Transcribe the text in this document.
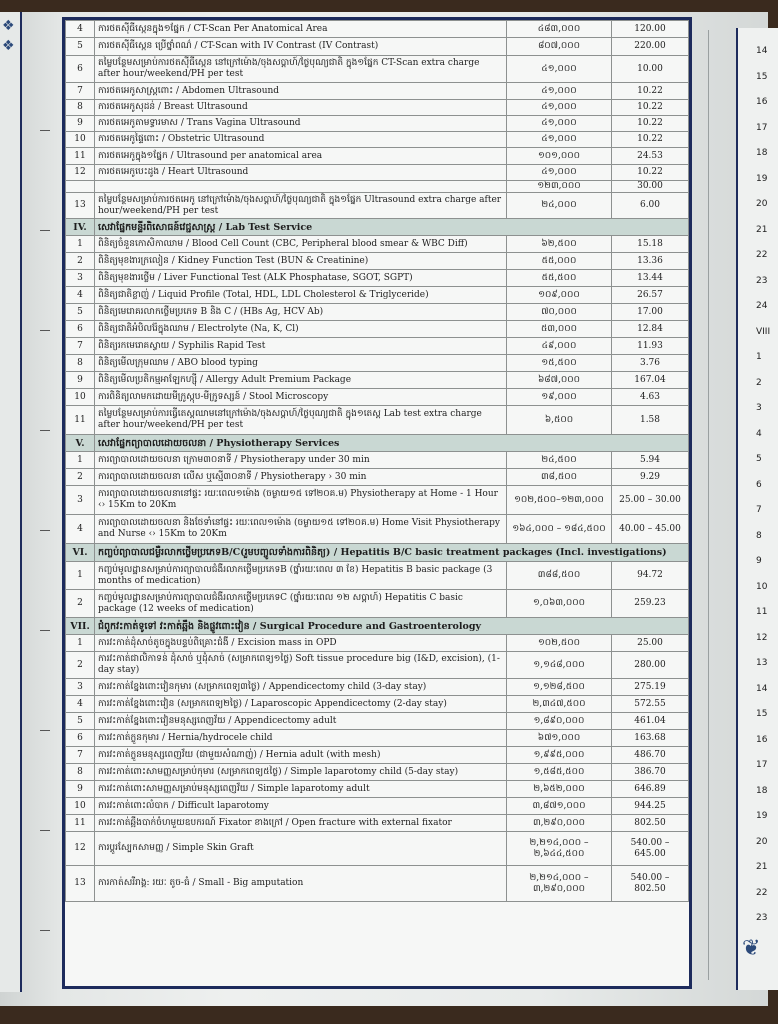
❖
❖
4	ការថតស៊ីធីស្កេនក្នុង១ផ្នែក / CT-Scan Per Anatomical Area	៤៨៣,០០០	120.00
5	ការថតស៊ីធីស្កេន ប្រើថ្នាំពណ៌ / CT-Scan with IV Contrast (IV Contrast)	៨០៧,០០០	220.00
6	តម្លៃបន្ថែមសម្រាប់ការថតស៊ីធីស្កេន នៅក្រៅម៉ោង/ចុងសប្តាហ៍/ថ្ងៃបុណ្យជាតិ ក្នុង១ផ្នែក CT-Scan extra charge after hour/weekend/PH per test	៤១,០០០	10.00
7	ការថតអេកូសាស្ត្រពោះ / Abdomen Ultrasound	៤១,០០០	10.22
8	ការថតអេកូសុដន់ / Breast Ultrasound	៤១,០០០	10.22
9	ការថតអេកូតាមទ្វារមាស / Trans Vagina Ultrasound	៤១,០០០	10.22
10	ការថតអេកូផ្ទៃពោះ / Obstetric Ultrasound	៤១,០០០	10.22
11	ការថតអេកូក្នុង១ផ្នែក / Ultrasound per anatomical area	១០១,០០០	24.53
12	ការថតអេកូបេះដូង / Heart Ultrasound	៤១,០០០	10.22
		១២៣,០០០	30.00
13	តម្លៃបន្ថែមសម្រាប់ការថតអេកូ នៅក្រៅម៉ោង/ចុងសប្តាហ៍/ថ្ងៃបុណ្យជាតិ ក្នុង១ផ្នែក Ultrasound extra charge after hour/weekend/PH per test	២៤,០០០	6.00
IV.	សេវាផ្នែកមន្ទីរពិសោធន៍វេជ្ជសាស្ត្រ / Lab Test Service		
1	ពិនិត្យចំនួនកោសិកាឈាម / Blood Cell Count (CBC, Peripheral blood smear & WBC Diff)	៦២,៥០០	15.18
2	ពិនិត្យមុខងារក្រលៀន / Kidney Function Test (BUN & Creatinine)	៥៥,០០០	13.36
3	ពិនិត្យមុខងារថ្លើម / Liver Functional Test (ALK Phosphatase, SGOT, SGPT)	៥៥,៥០០	13.44
4	ពិនិត្យជាតិខ្លាញ់ / Liquid Profile (Total, HDL, LDL Cholesterol & Triglyceride)	១០៩,០០០	26.57
5	ពិនិត្យមេរោគរលាកថ្លើមប្រភេទ B និង C / (HBs Ag, HCV Ab)	៧០,០០០	17.00
6	ពិនិត្យជាតិអំបិលរ៉ែក្នុងឈាម / Electrolyte (Na, K, Cl)	៥៣,០០០	12.84
7	ពិនិត្យរកមេរោគស្វាយ / Syphilis Rapid Test	៤៩,០០០	11.93
8	ពិនិត្យមើលក្រុមឈាម / ABO blood typing	១៥,៥០០	3.76
9	ពិនិត្យមើលប្រតិកម្មអាឡែកហ្ស៊ី / Allergy Adult Premium Package	៦៨៧,០០០	167.04
10	ការពិនិត្យលាមកដោយមីក្រូស្កុប-មីក្រូទស្សន៍ / Stool Microscopy	១៩,០០០	4.63
11	តម្លៃបន្ថែមសម្រាប់ការធ្វើតេស្តឈាមនៅក្រៅម៉ោង/ចុងសប្តាហ៍/ថ្ងៃបុណ្យជាតិ ក្នុង១តេស្ត Lab test extra charge after hour/weekend/PH per test	៦,៥០០	1.58
V.	សេវាផ្នែកព្យាបាលដោយចលនា / Physiotherapy Services		
1	ការព្យាបាលដោយចលនា ក្រោម៣០នាទី / Physiotherapy under 30 min	២៤,៥០០	5.94
2	ការព្យាបាលដោយចលនា លើស ឬស្មើ៣០នាទី / Physiotherapy › 30 min	៣៨,៥០០	9.29
3	ការព្យាបាលដោយចលនានៅផ្ទះ រយៈពេល១ម៉ោង (ចម្ងាយ១៥ ទៅ២០គ.ម) Physiotherapy at Home - 1 Hour ‹› 15Km to 20Km	១០២,៥០០–១២៣,០០០	25.00 – 30.00
4	ការព្យាបាលដោយចលនា និងថែទាំនៅផ្ទះ រយៈពេល១ម៉ោង (ចម្ងាយ១៥ ទៅ២០គ.ម) Home Visit Physiotherapy and Nurse ‹› 15Km to 20Km	១៦៤,០០០ – ១៨៤,៥០០	40.00 – 45.00
VI.	កញ្ចប់ព្យាបាលជម្ងឺរលាកថ្លើមប្រភេទB/C(រួមបញ្ចូលទាំងការពិនិត្យ) / Hepatitis B/C basic treatment packages (Incl. investigations)		
1	កញ្ចប់មូលដ្ឋានសម្រាប់ការព្យាបាលជំងឺរលាកថ្លើមប្រភេទB (ថ្នាំរយៈពេល ៣ ខែ) Hepatitis B basic package (3 months of medication)	៣៨៨,៥០០	94.72
2	កញ្ចប់មូលដ្ឋានសម្រាប់ការព្យាបាលជំងឺរលាកថ្លើមប្រភេទC (ថ្នាំរយៈពេល ១២ សប្តាហ៍) Hepatitis C basic package (12 weeks of medication)	១,០៦៣,០០០	259.23
VII.	ជំពូកវះកាត់ទូទៅ វះកាត់ឆ្អឹង និងផ្លូវពោះវៀន / Surgical Procedure and Gastroenterology		
1	ការវះកាត់ដុំសាច់តូចក្នុងបន្ទប់ពិគ្រោះជំងឺ / Excision mass in OPD	១០២,៥០០	25.00
2	ការវះកាត់ជាលិកាទន់ ដុំសាច់ ឬដុំសាច់ (សម្រាកពេទ្យ១ថ្ងៃ) Soft tissue procedure big (I&D, excision), (1-day stay)	១,១៤៨,០០០	280.00
3	ការវះកាត់ខ្នែងពោះវៀនកុមារ (សម្រាកពេទ្យ៣ថ្ងៃ) / Appendicectomy child (3-day stay)	១,១២៨,៥០០	275.19
4	ការវះកាត់ខ្នែងពោះវៀន (សម្រាកពេទ្យ២ថ្ងៃ) / Laparoscopic Appendicectomy (2-day stay)	២,៣៤៧,៥០០	572.55
5	ការវះកាត់ខ្នែងពោះវៀនមនុស្សពេញវ័យ / Appendicectomy adult	១,៨៩០,០០០	461.04
6	ការវះកាត់ក្លូនកុមារ / Hernia/hydrocele child	៦៧១,០០០	163.68
7	ការវះកាត់ក្លូនមនុស្សពេញវ័យ (ជាមួយសំណាញ់) / Hernia adult (with mesh)	១,៩៩៥,០០០	486.70
8	ការវះកាត់ពោះសាមញ្ញសម្រាប់កុមារ (សម្រាកពេទ្យ៥ថ្ងៃ) / Simple laparotomy child (5-day stay)	១,៥៨៥,៥០០	386.70
9	ការវះកាត់ពោះសាមញ្ញសម្រាប់មនុស្សពេញវ័យ / Simple laparotomy adult	២,៦៥២,០០០	646.89
10	ការវះកាត់ពោះលំបាក / Difficult laparotomy	៣,៨៧១,០០០	944.25
11	ការវះកាត់ឆ្អឹងបាក់ចំហមួយឧបករណ៍ Fixator ខាងក្រៅ / Open fracture with external fixator	៣,២៩០,០០០	802.50
12	ការប្តូរស្បែកសាមញ្ញ / Simple Skin Graft	២,២១៤,០០០ – ២,៦៤៤,៥០០	540.00 – 645.00
13	ការកាត់សរីរាង្គ: រយៈ តូច-ធំ / Small - Big amputation	២,២១៤,០០០ – ៣,២៩០,០០០	540.00 – 802.50
14
15
16
17
18
19
20
21
22
23
24
VIII
1
2
3
4
5
6
7
8
9
10
11
12
13
14
15
16
17
18
19
20
21
22
23
❦
